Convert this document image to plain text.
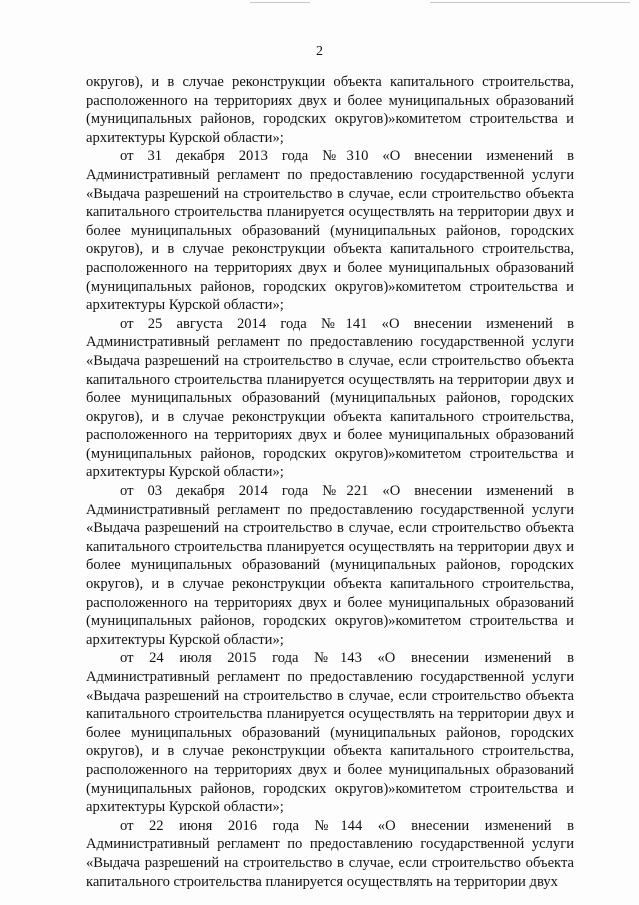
2

округов), и в случае реконструкции объекта капитального строительства, расположенного на территориях двух и более муниципальных образований (муниципальных районов, городских округов)»комитетом строительства и архитектуры Курской области»;

от 31 декабря 2013 года №310 «О внесении изменений в Административный регламент по предоставлению государственной услуги «Выдача разрешений на строительство в случае, если строительство объекта капитального строительства планируется осуществлять на территории двух и более муниципальных образований (муниципальных районов, городских округов), и в случае реконструкции объекта капитального строительства, расположенного на территориях двух и более муниципальных образований (муниципальных районов, городских округов)»комитетом строительства и архитектуры Курской области»;

от 25 августа 2014 года №141 «О внесении изменений в Административный регламент по предоставлению государственной услуги «Выдача разрешений на строительство в случае, если строительство объекта капитального строительства планируется осуществлять на территории двух и более муниципальных образований (муниципальных районов, городских округов), и в случае реконструкции объекта капитального строительства, расположенного на территориях двух и более муниципальных образований (муниципальных районов, городских округов)»комитетом строительства и архитектуры Курской области»;

от 03 декабря 2014 года №221 «О внесении изменений в Административный регламент по предоставлению государственной услуги «Выдача разрешений на строительство в случае, если строительство объекта капитального строительства планируется осуществлять на территории двух и более муниципальных образований (муниципальных районов, городских округов), и в случае реконструкции объекта капитального строительства, расположенного на территориях двух и более муниципальных образований (муниципальных районов, городских округов)»комитетом строительства и архитектуры Курской области»;

от 24 июля 2015 года №143 «О внесении изменений в Административный регламент по предоставлению государственной услуги «Выдача разрешений на строительство в случае, если строительство объекта капитального строительства планируется осуществлять на территории двух и более муниципальных образований (муниципальных районов, городских округов), и в случае реконструкции объекта капитального строительства, расположенного на территориях двух и более муниципальных образований (муниципальных районов, городских округов)»комитетом строительства и архитектуры Курской области»;

от 22 июня 2016 года №144 «О внесении изменений в Административный регламент по предоставлению государственной услуги «Выдача разрешений на строительство в случае, если строительство объекта капитального строительства планируется осуществлять на территории двух
